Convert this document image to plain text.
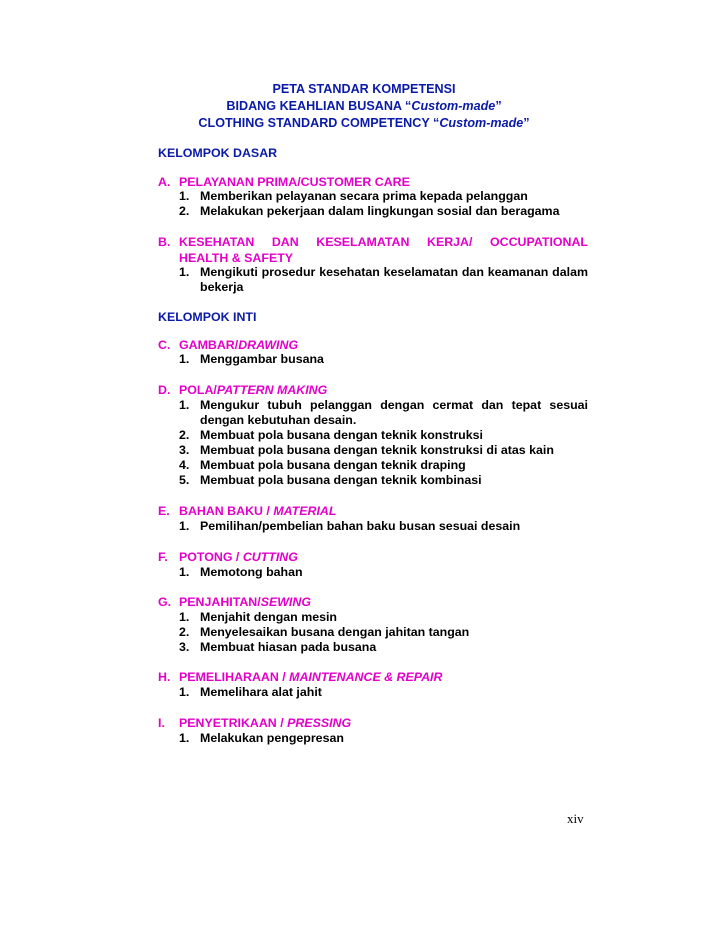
PETA STANDAR KOMPETENSI
BIDANG KEAHLIAN BUSANA “Custom-made”
CLOTHING STANDARD COMPETENCY “Custom-made”
KELOMPOK DASAR
A. PELAYANAN PRIMA/CUSTOMER CARE
1. Memberikan pelayanan secara prima kepada pelanggan
2. Melakukan pekerjaan dalam lingkungan sosial dan beragama
B. KESEHATAN DAN KESELAMATAN KERJA/ OCCUPATIONAL
HEALTH & SAFETY
1. Mengikuti prosedur kesehatan keselamatan dan keamanan dalam bekerja
KELOMPOK INTI
C. GAMBAR/DRAWING
1. Menggambar busana
D. POLA/PATTERN MAKING
1. Mengukur tubuh pelanggan dengan cermat dan tepat sesuai dengan kebutuhan desain.
2. Membuat pola busana dengan teknik konstruksi
3. Membuat pola busana dengan teknik konstruksi di atas kain
4. Membuat pola busana dengan teknik draping
5. Membuat pola busana dengan teknik kombinasi
E. BAHAN BAKU / MATERIAL
1. Pemilihan/pembelian bahan baku busan sesuai desain
F. POTONG / CUTTING
1. Memotong bahan
G. PENJAHITAN/SEWING
1. Menjahit dengan mesin
2. Menyelesaikan busana dengan jahitan tangan
3. Membuat hiasan pada busana
H. PEMELIHARAAN / MAINTENANCE & REPAIR
1. Memelihara alat jahit
I. PENYETRIKAAN / PRESSING
1. Melakukan pengepresan
xiv
